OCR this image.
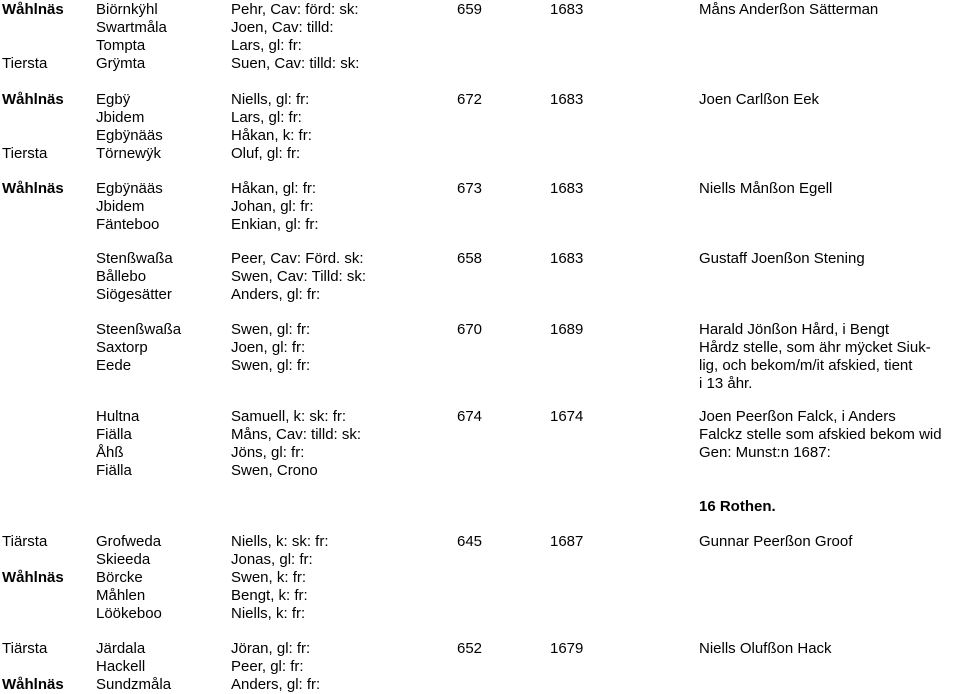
Wåhlnäs Biörnkÿhl	Pehr, Cav: förd: sk:	659	1683	Måns Anderßon Sätterman
Swartmåla	Joen, Cav: tilld:
Tompta	Lars, gl: fr:
Tiersta	Grÿmta	Suen, Cav: tilld: sk:
Wåhlnäs Egbÿ	Niells, gl: fr:	672	1683	Joen Carlßon Eek
Jbidem	Lars, gl: fr:
Egbÿnääs	Håkan, k: fr:
Tiersta	Törnewÿk	Oluf, gl: fr:
Wåhlnäs Egbÿnääs	Håkan, gl: fr:	673	1683	Niells Månßon Egell
Jbidem	Johan, gl: fr:
Fänteboo	Enkian, gl: fr:
Stenßwaßa	Peer, Cav: Förd. sk:	658	1683	Gustaff Joenßon Stening
Bållebo	Swen, Cav: Tilld: sk:
Siögesätter	Anders, gl: fr:
Steenßwaßa	Swen, gl: fr:	670	1689	Harald Jönßon Hård, i Bengt
Saxtorp	Joen, gl: fr:	Hårdz stelle, som ähr mÿcket Siuk-
Eede	Swen, gl: fr:	lig, och bekom/m/it afskied, tient
i 13 åhr.
Hultna	Samuell, k: sk: fr:	674	1674	Joen Peerßon Falck, i Anders
Fiälla	Måns, Cav: tilld: sk:	Falckz stelle som afskied bekom wid
Åhß	Jöns, gl: fr:	Gen: Munst:n 1687:
Fiälla	Swen, Crono
Tiärsta	Grofweda	Niells, k: sk: fr:	645	1687	Gunnar Peerßon Groof
Skieeda	Jonas, gl: fr:
Wåhlnäs Börcke	Swen, k: fr:
Måhlen	Bengt, k: fr:
Löökeboo	Niells, k: fr:
Tiärsta	Järdala	Jöran, gl: fr:	652	1679	Niells Olufßon Hack
Hackell	Peer, gl: fr:
Wåhlnäs Sundzmåla	Anders, gl: fr:
16 Rothen.
